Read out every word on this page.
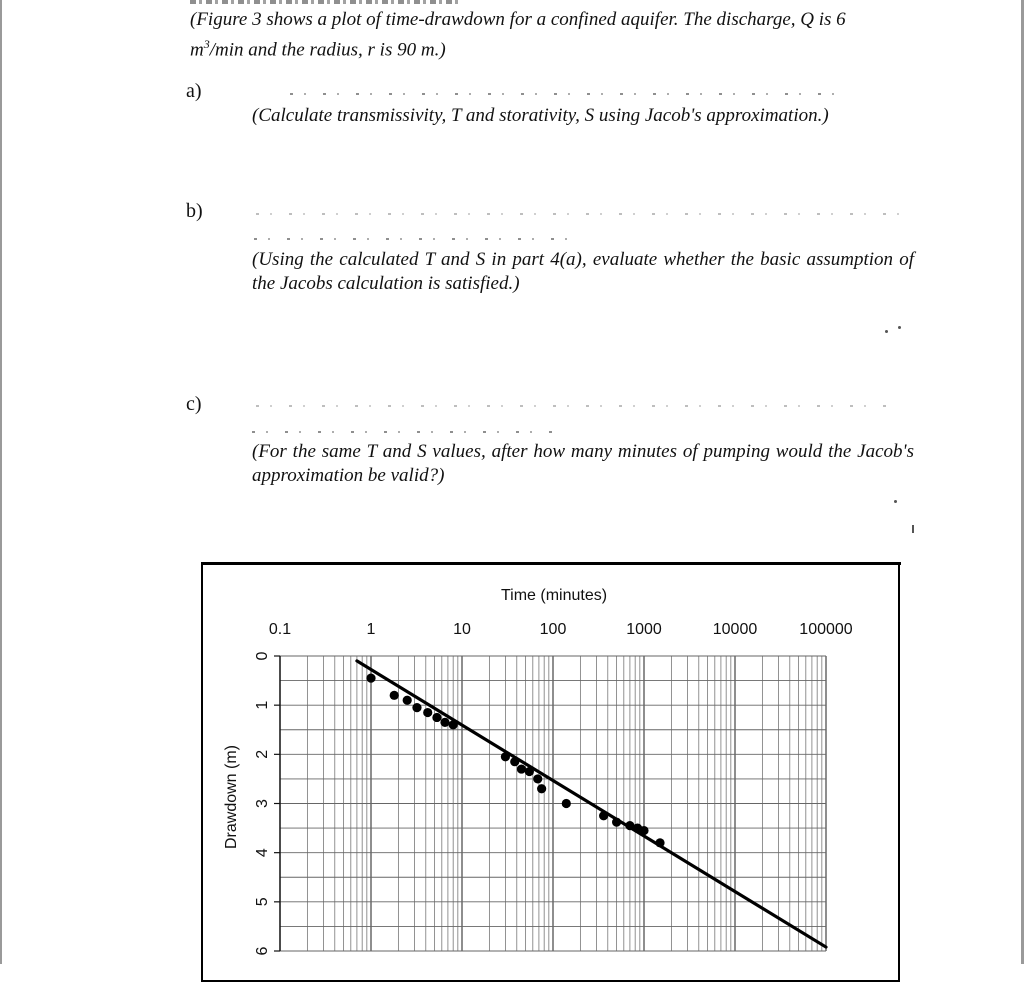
(Figure 3 shows a plot of time-drawdown for a confined aquifer. The discharge, Q is 6
$m^3/\min$ and the radius, r is 90 m.)
a)
(Calculate transmissivity, T and storativity, S using Jacob's approximation.)
b)
(Using the calculated T and S in part 4(a), evaluate whether the basic assumption of the Jacobs calculation is satisfied.)
c)
(For the same T and S values, after how many minutes of pumping would the Jacob's approximation be valid?)
Time (minutes)
Drawdown (m)
0.1	1	10	100	1000	10000	100000
0
1
2
3
4
5
6
